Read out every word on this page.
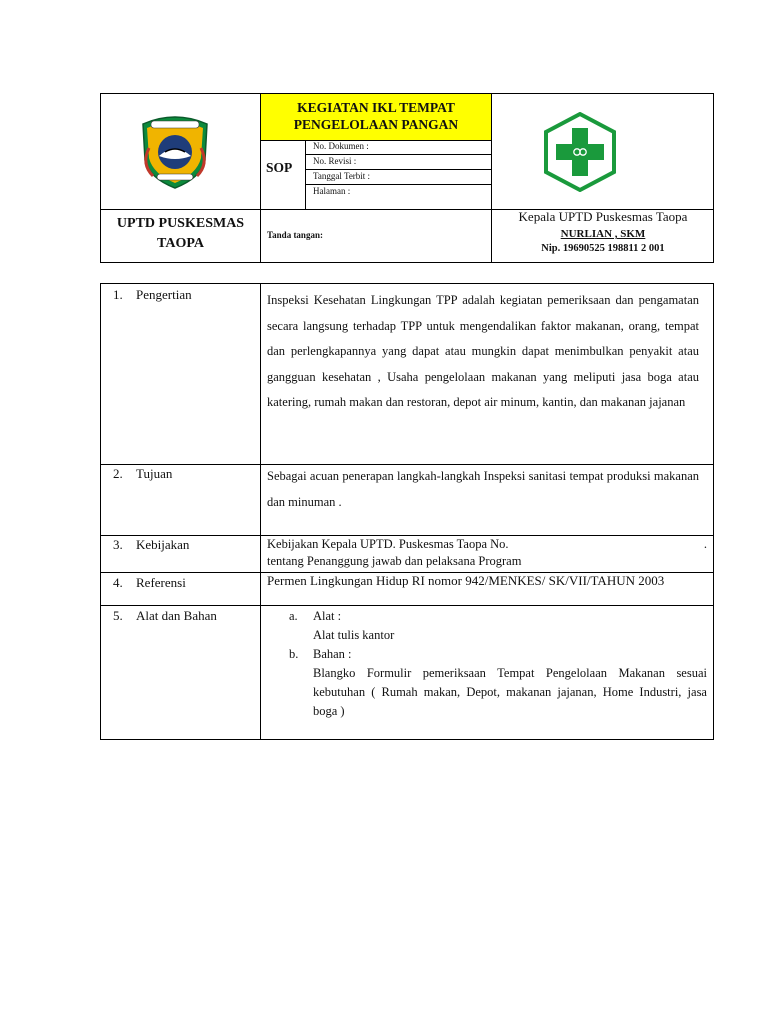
KEGIATAN IKL TEMPAT
PENGELOLAAN PANGAN
SOP
No. Dokumen :
No. Revisi :
Tanggal Terbit :
Halaman :
UPTD PUSKESMAS
TAOPA
Tanda tangan:
Kepala UPTD Puskesmas Taopa
NURLIAN , SKM
Nip. 19690525 198811 2 001
1. Pengertian	Inspeksi Kesehatan Lingkungan TPP adalah kegiatan pemeriksaan dan pengamatan secara langsung terhadap TPP untuk mengendalikan faktor makanan, orang, tempat dan perlengkapannya yang dapat atau mungkin dapat menimbulkan penyakit atau gangguan kesehatan , Usaha pengelolaan makanan yang meliputi jasa boga atau katering, rumah makan dan restoran, depot air minum, kantin, dan makanan jajanan

2. Tujuan	Sebagai acuan penerapan langkah-langkah Inspeksi sanitasi tempat produksi makanan dan minuman .

3. Kebijakan	Kebijakan Kepala UPTD. Puskesmas Taopa No.	.
tentang Penanggung jawab dan pelaksana Program
4. Referensi	Permen Lingkungan Hidup RI nomor 942/MENKES/ SK/VII/TAHUN 2003

5. Alat dan Bahan	a. Alat :
Alat tulis kantor
b. Bahan :
Blangko Formulir pemeriksaan Tempat Pengelolaan Makanan sesuai kebutuhan ( Rumah makan, Depot, makanan jajanan, Home Industri, jasa boga )
